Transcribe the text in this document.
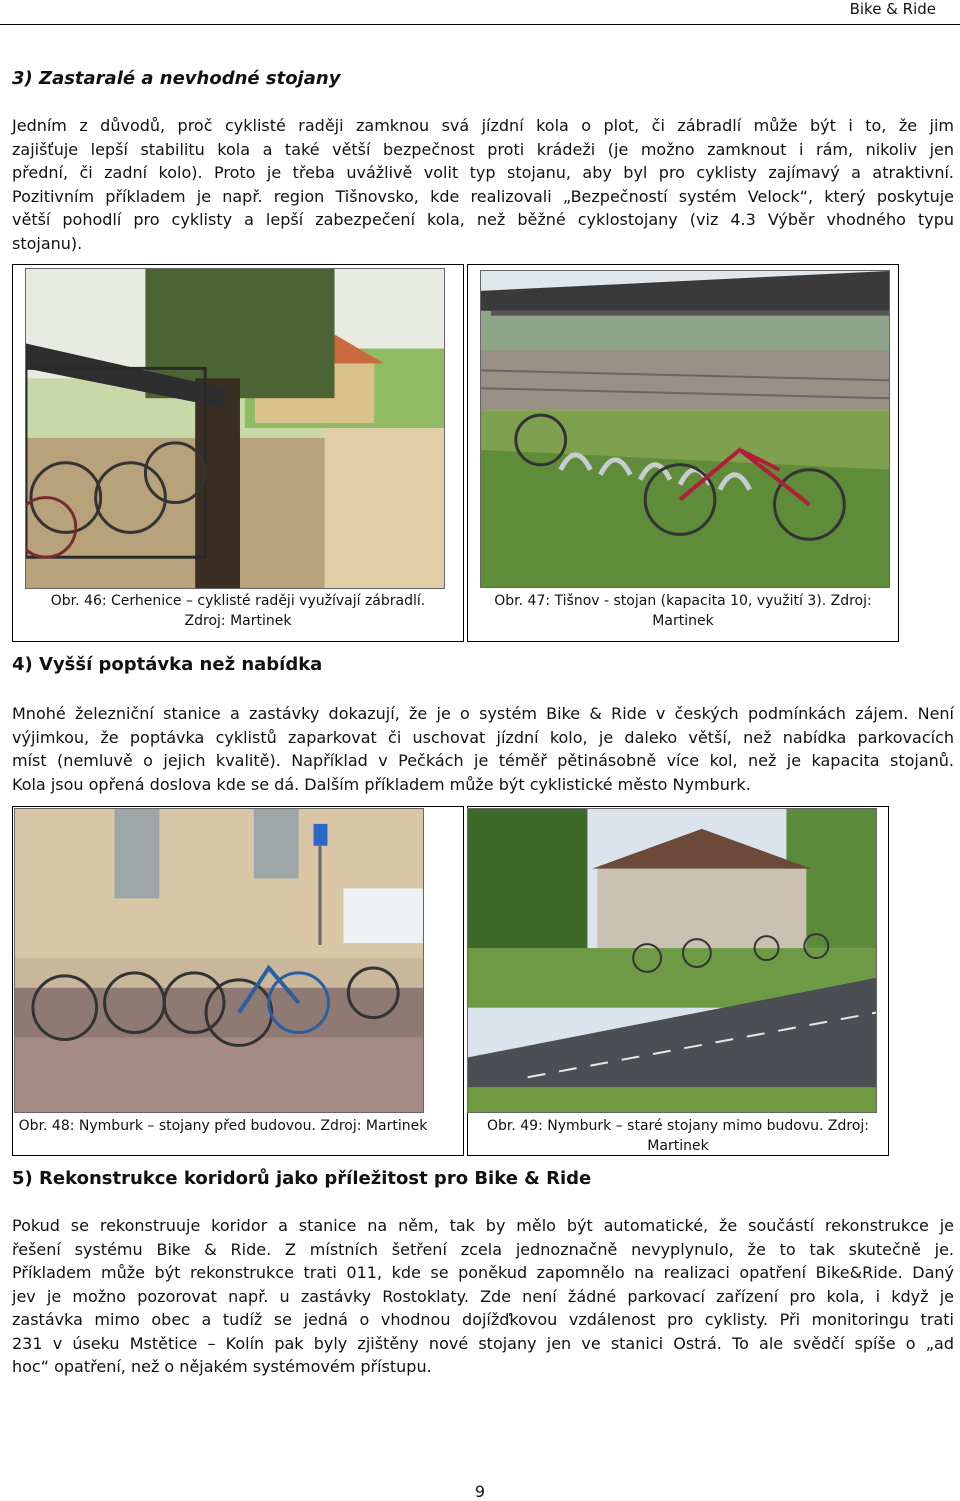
Bike & Ride
3) Zastaralé a nevhodné stojany
Jedním z důvodů, proč cyklisté raději zamknou svá jízdní kola o plot, či zábradlí může být i to, že jim
zajišťuje lepší stabilitu kola a také větší bezpečnost proti krádeži (je možno zamknout i rám, nikoliv jen
přední, či zadní kolo). Proto je třeba uvážlivě volit typ stojanu, aby byl pro cyklisty zajímavý a atraktivní.
Pozitivním příkladem je např. region Tišnovsko, kde realizovali „Bezpečností systém Velock“, který poskytuje
větší pohodlí pro cyklisty a lepší zabezpečení kola, než běžné cyklostojany (viz 4.3 Výběr vhodného typu
stojanu).
Obr. 46: Cerhenice – cyklisté raději využívají zábradlí.
Zdroj: Martinek
Obr. 47: Tišnov - stojan (kapacita 10, využití 3). Zdroj:
Martinek
4) Vyšší poptávka než nabídka
Mnohé železniční stanice a zastávky dokazují, že je o systém Bike & Ride v českých podmínkách zájem. Není
výjimkou, že poptávka cyklistů zaparkovat či uschovat jízdní kolo, je daleko větší, než nabídka parkovacích
míst (nemluvě o jejich kvalitě). Například v Pečkách je téměř pětinásobně více kol, než je kapacita stojanů.
Kola jsou opřená doslova kde se dá. Dalším příkladem může být cyklistické město Nymburk.
Obr. 48: Nymburk – stojany před budovou. Zdroj: Martinek	Obr. 49: Nymburk – staré stojany mimo budovu. Zdroj:
Martinek
5) Rekonstrukce koridorů jako příležitost pro Bike & Ride
Pokud se rekonstruuje koridor a stanice na něm, tak by mělo být automatické, že součástí rekonstrukce je
řešení systému Bike & Ride. Z místních šetření zcela jednoznačně nevyplynulo, že to tak skutečně je.
Příkladem může být rekonstrukce trati 011, kde se poněkud zapomnělo na realizaci opatření Bike&Ride. Daný
jev je možno pozorovat např. u zastávky Rostoklaty. Zde není žádné parkovací zařízení pro kola, i když je
zastávka mimo obec a tudíž se jedná o vhodnou dojížďkovou vzdálenost pro cyklisty. Při monitoringu trati
231 v úseku Mstětice – Kolín pak byly zjištěny nové stojany jen ve stanici Ostrá. To ale svědčí spíše o „ad
hoc“ opatření, než o nějakém systémovém přístupu.
9
